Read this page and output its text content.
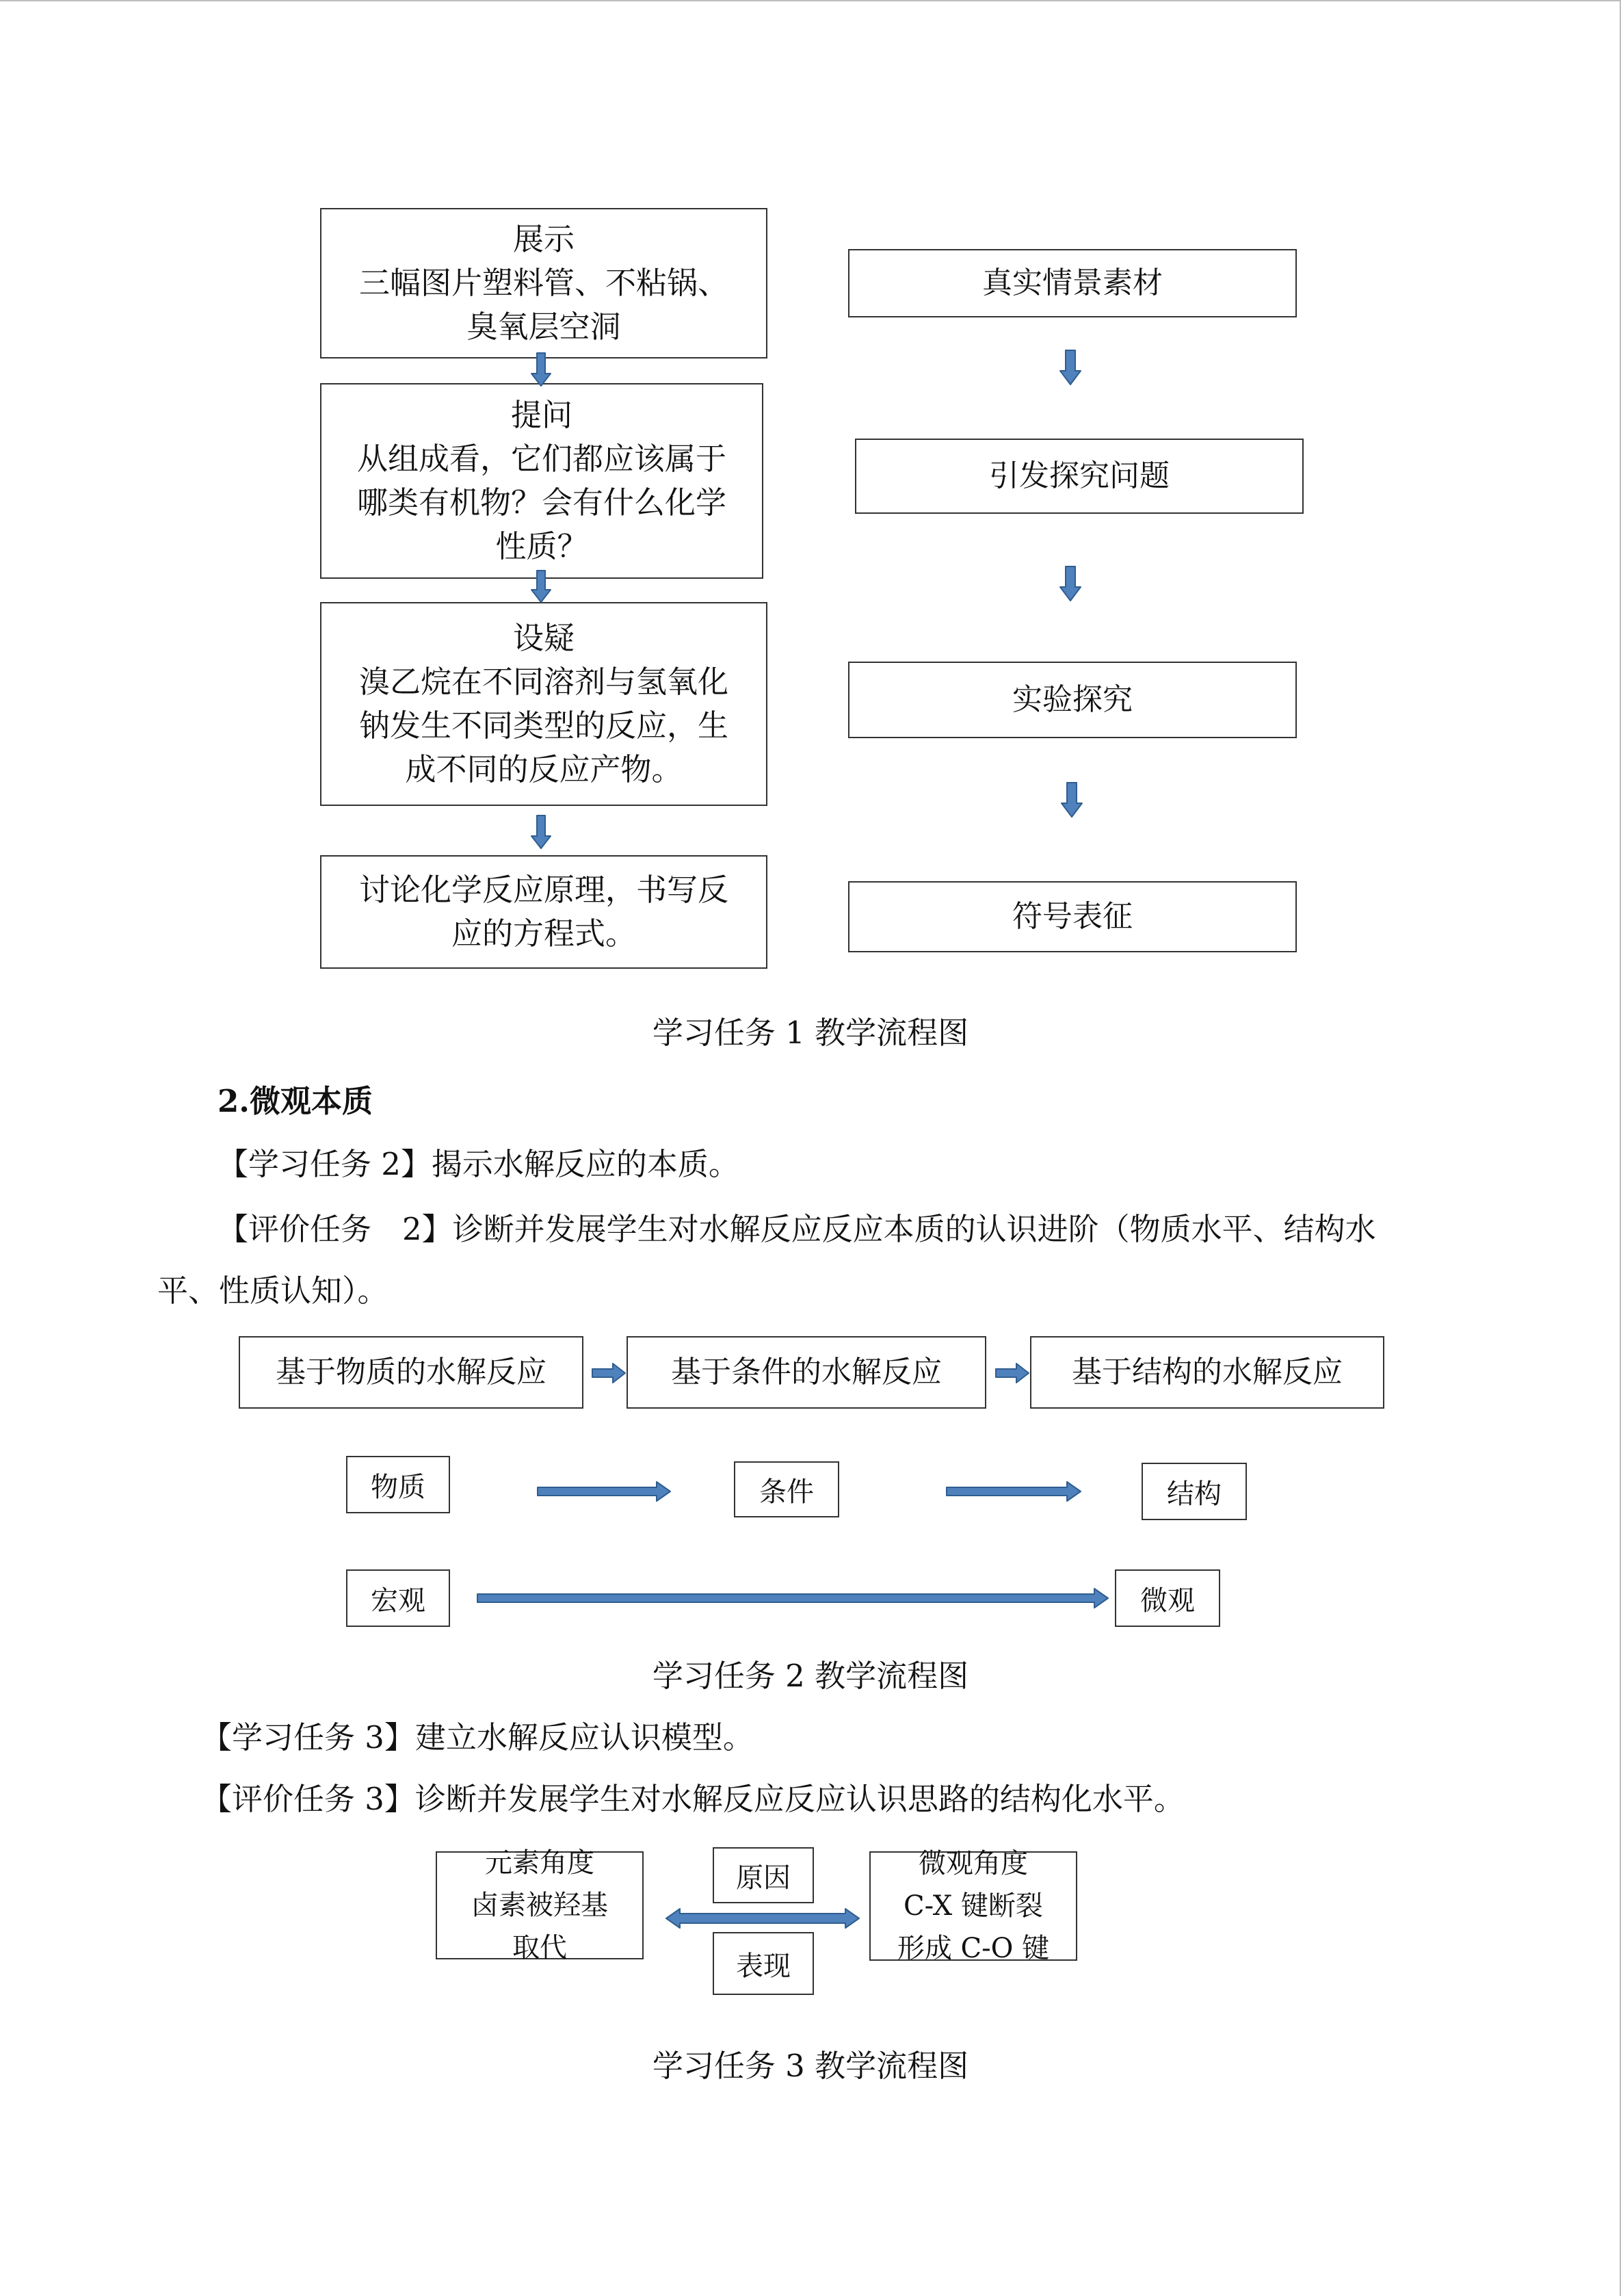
展示
三幅图片塑料管、不粘锅、
臭氧层空洞
提问
从组成看，它们都应该属于
哪类有机物？会有什么化学
性质？
设疑
溴乙烷在不同溶剂与氢氧化
钠发生不同类型的反应，生
成不同的反应产物。
讨论化学反应原理，书写反
应的方程式。
真实情景素材
引发探究问题
实验探究
符号表征
学习任务 1 教学流程图
2.微观本质
【学习任务 2】揭示水解反应的本质。
【评价任务　2】诊断并发展学生对水解反应反应本质的认识进阶（物质水平、结构水
平、性质认知）。
基于物质的水解反应	基于条件的水解反应	基于结构的水解反应
物质	条件	结构
宏观	微观
学习任务 2 教学流程图
【学习任务 3】建立水解反应认识模型。
【评价任务 3】诊断并发展学生对水解反应反应认识思路的结构化水平。
元素角度
卤素被羟基
取代
原因
表现
微观角度
C-X 键断裂
形成 C-O 键
学习任务 3 教学流程图
